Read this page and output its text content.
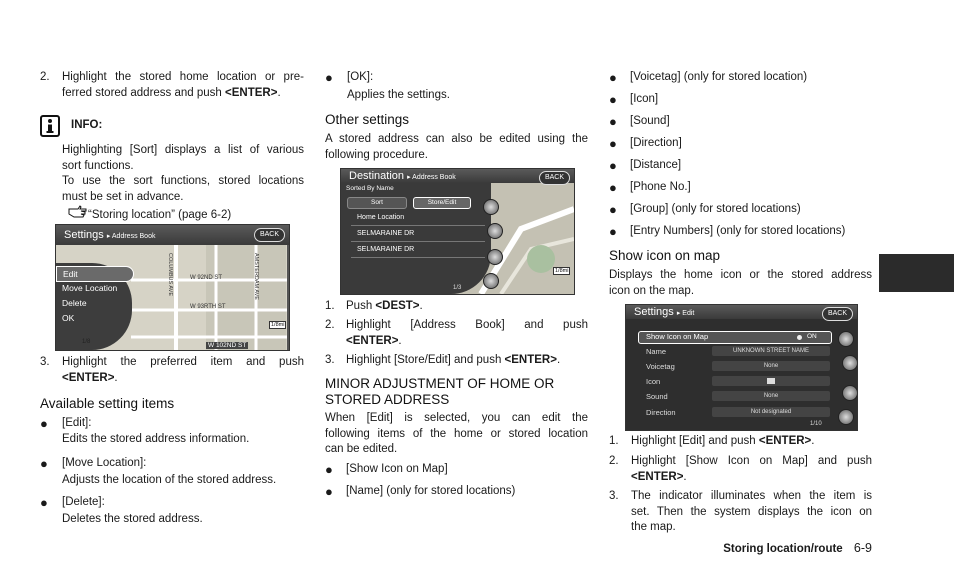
2. Highlight the stored home location or pre-
ferred stored address and push <ENTER>.
INFO:
Highlighting [Sort] displays a list of various
sort functions.
To use the sort functions, stored locations
must be set in advance.
“Storing location” (page 6-2)
Settings ▸ Address Book	BACK
Edit
Move Location
Delete
OK
1/8
W 92ND ST
W 93RTH ST
W 102ND ST
COLUMBUS AVE	AMSTERDAM AVE
1/8mi
3. Highlight the preferred item and push
<ENTER>.
Available setting items
● [Edit]:
Edits the stored address information.
● [Move Location]:
Adjusts the location of the stored address.
● [Delete]:
Deletes the stored address.
● [OK]:
Applies the settings.
Other settings
A stored address can also be edited using the
following procedure.
Destination ▸ Address Book	BACK
Sorted By Name
Sort	Store/Edit
Home Location
SELMARAINE DR
SELMARAINE DR
1/3
1/8mi
1. Push <DEST>.
2. Highlight [Address Book] and push
<ENTER>.
3. Highlight [Store/Edit] and push <ENTER>.
MINOR ADJUSTMENT OF HOME OR
STORED ADDRESS
When [Edit] is selected, you can edit the
following items of the home or stored location
can be edited.
● [Show Icon on Map]
● [Name] (only for stored locations)
● [Voicetag] (only for stored location)
● [Icon]
● [Sound]
● [Direction]
● [Distance]
● [Phone No.]
● [Group] (only for stored locations)
● [Entry Numbers] (only for stored locations)
Show icon on map
Displays the home icon or the stored address
icon on the map.
Settings ▸ Edit	BACK
Show Icon on Map	ON
Name	UNKNOWN STREET NAME
Voicetag	None
Icon
Sound	None
Direction	Not designated
1/10
1. Highlight [Edit] and push <ENTER>.
2. Highlight [Show Icon on Map] and push
<ENTER>.
3. The indicator illuminates when the item is
set. Then the system displays the icon on
the map.
Storing location/route 6-9
